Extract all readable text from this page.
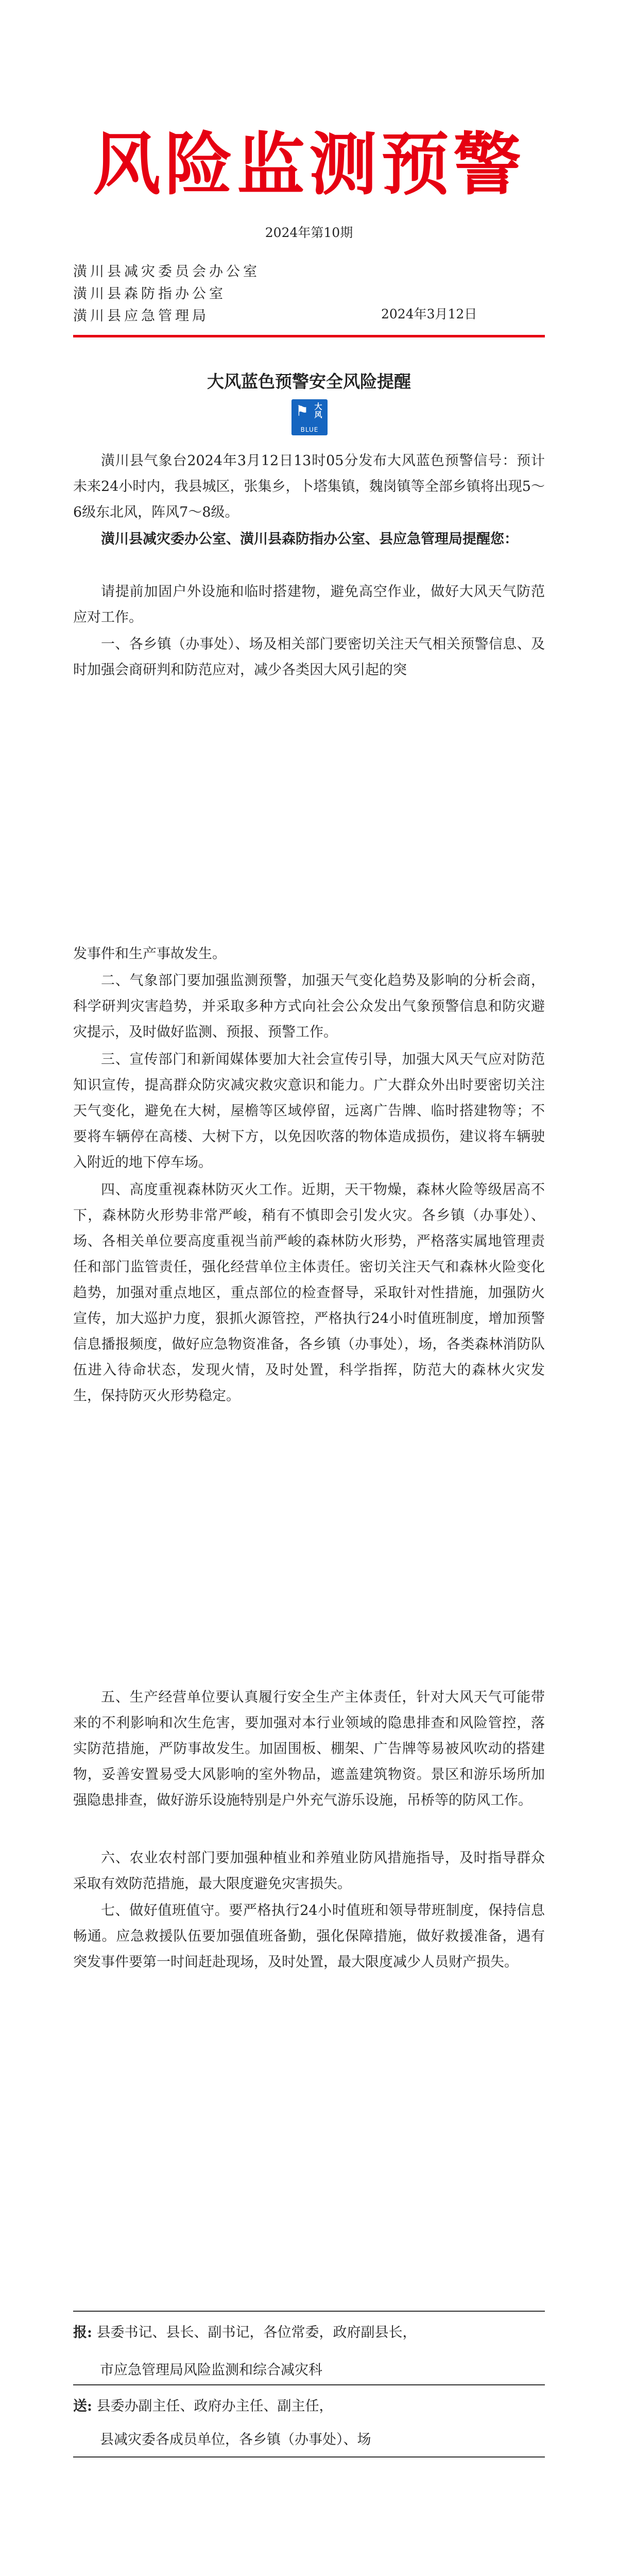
风险监测预警
2024年第10期
潢川县减灾委员会办公室
潢川县森防指办公室
潢川县应急管理局	2024年3月12日
大风蓝色预警安全风险提醒
⚑ 大风
BLUE
潢川县气象台2024年3月12日13时05分发布大风蓝色预警信号：预计未来24小时内，我县城区，张集乡，卜塔集镇，魏岗镇等全部乡镇将出现5～6级东北风，阵风7～8级。
潢川县减灾委办公室、潢川县森防指办公室、县应急管理局提醒您：
请提前加固户外设施和临时搭建物，避免高空作业，做好大风天气防范应对工作。
一、各乡镇（办事处）、场及相关部门要密切关注天气相关预警信息、及时加强会商研判和防范应对，减少各类因大风引起的突
发事件和生产事故发生。
二、气象部门要加强监测预警，加强天气变化趋势及影响的分析会商，科学研判灾害趋势，并采取多种方式向社会公众发出气象预警信息和防灾避灾提示，及时做好监测、预报、预警工作。
三、宣传部门和新闻媒体要加大社会宣传引导，加强大风天气应对防范知识宣传，提高群众防灾减灾救灾意识和能力。广大群众外出时要密切关注天气变化，避免在大树，屋檐等区域停留，远离广告牌、临时搭建物等；不要将车辆停在高楼、大树下方，以免因吹落的物体造成损伤，建议将车辆驶入附近的地下停车场。
四、高度重视森林防灭火工作。近期，天干物燥，森林火险等级居高不下，森林防火形势非常严峻，稍有不慎即会引发火灾。各乡镇（办事处）、场、各相关单位要高度重视当前严峻的森林防火形势，严格落实属地管理责任和部门监管责任，强化经营单位主体责任。密切关注天气和森林火险变化趋势，加强对重点地区，重点部位的检查督导，采取针对性措施，加强防火宣传，加大巡护力度，狠抓火源管控，严格执行24小时值班制度，增加预警信息播报频度，做好应急物资准备，各乡镇（办事处），场，各类森林消防队伍进入待命状态，发现火情，及时处置，科学指挥，防范大的森林火灾发生，保持防灭火形势稳定。
五、生产经营单位要认真履行安全生产主体责任，针对大风天气可能带来的不利影响和次生危害，要加强对本行业领域的隐患排查和风险管控，落实防范措施，严防事故发生。加固围板、棚架、广告牌等易被风吹动的搭建物，妥善安置易受大风影响的室外物品，遮盖建筑物资。景区和游乐场所加强隐患排查，做好游乐设施特别是户外充气游乐设施，吊桥等的防风工作。
六、农业农村部门要加强种植业和养殖业防风措施指导，及时指导群众采取有效防范措施，最大限度避免灾害损失。
七、做好值班值守。要严格执行24小时值班和领导带班制度，保持信息畅通。应急救援队伍要加强值班备勤，强化保障措施，做好救援准备，遇有突发事件要第一时间赶赴现场，及时处置，最大限度减少人员财产损失。
报: 县委书记、县长、副书记，各位常委，政府副县长，
市应急管理局风险监测和综合减灾科
送: 县委办副主任、政府办主任、副主任，
县减灾委各成员单位，各乡镇（办事处）、场
